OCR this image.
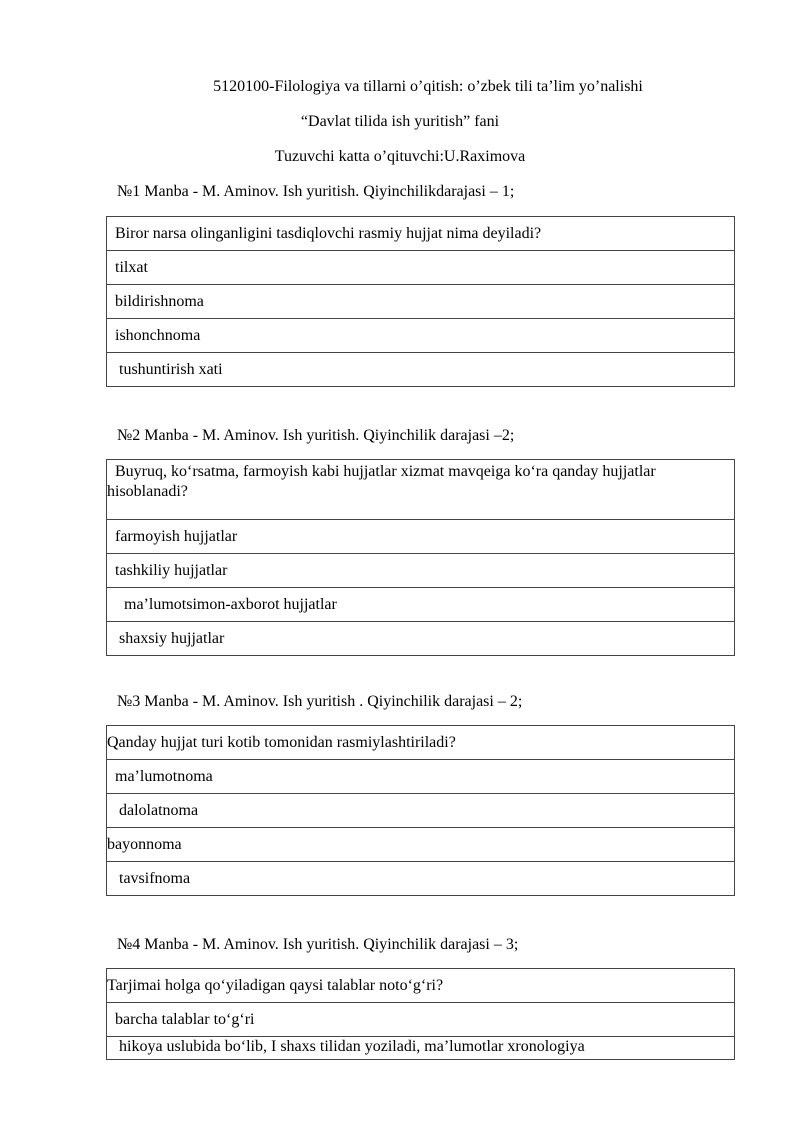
5120100-Filologiya va tillarni o’qitish: o’zbek tili ta’lim yo’nalishi
“Davlat tilida ish yuritish” fani
Tuzuvchi katta o’qituvchi:U.Raximova
№1 Manba - M. Aminov. Ish yuritish. Qiyinchilikdarajasi – 1;
Biror narsa olinganligini tasdiqlovchi rasmiy hujjat nima deyiladi?
tilxat
bildirishnoma
ishonchnoma
tushuntirish xati
№2 Manba - M. Aminov. Ish yuritish. Qiyinchilik darajasi –2;
Buyruq, ko‘rsatma, farmoyish kabi hujjatlar xizmat mavqeiga ko‘ra qanday hujjatlar hisoblanadi?
farmoyish hujjatlar
tashkiliy hujjatlar
ma’lumotsimon-axborot hujjatlar
shaxsiy hujjatlar
№3 Manba - M. Aminov. Ish yuritish . Qiyinchilik darajasi – 2;
Qanday hujjat turi kotib tomonidan rasmiylashtiriladi?
ma’lumotnoma
dalolatnoma
bayonnoma
tavsifnoma
№4 Manba - M. Aminov. Ish yuritish. Qiyinchilik darajasi – 3;
Tarjimai holga qo‘yiladigan qaysi talablar noto‘g‘ri?
barcha talablar to‘g‘ri
hikoya uslubida bo‘lib, I shaxs tilidan yoziladi, ma’lumotlar xronologiya
